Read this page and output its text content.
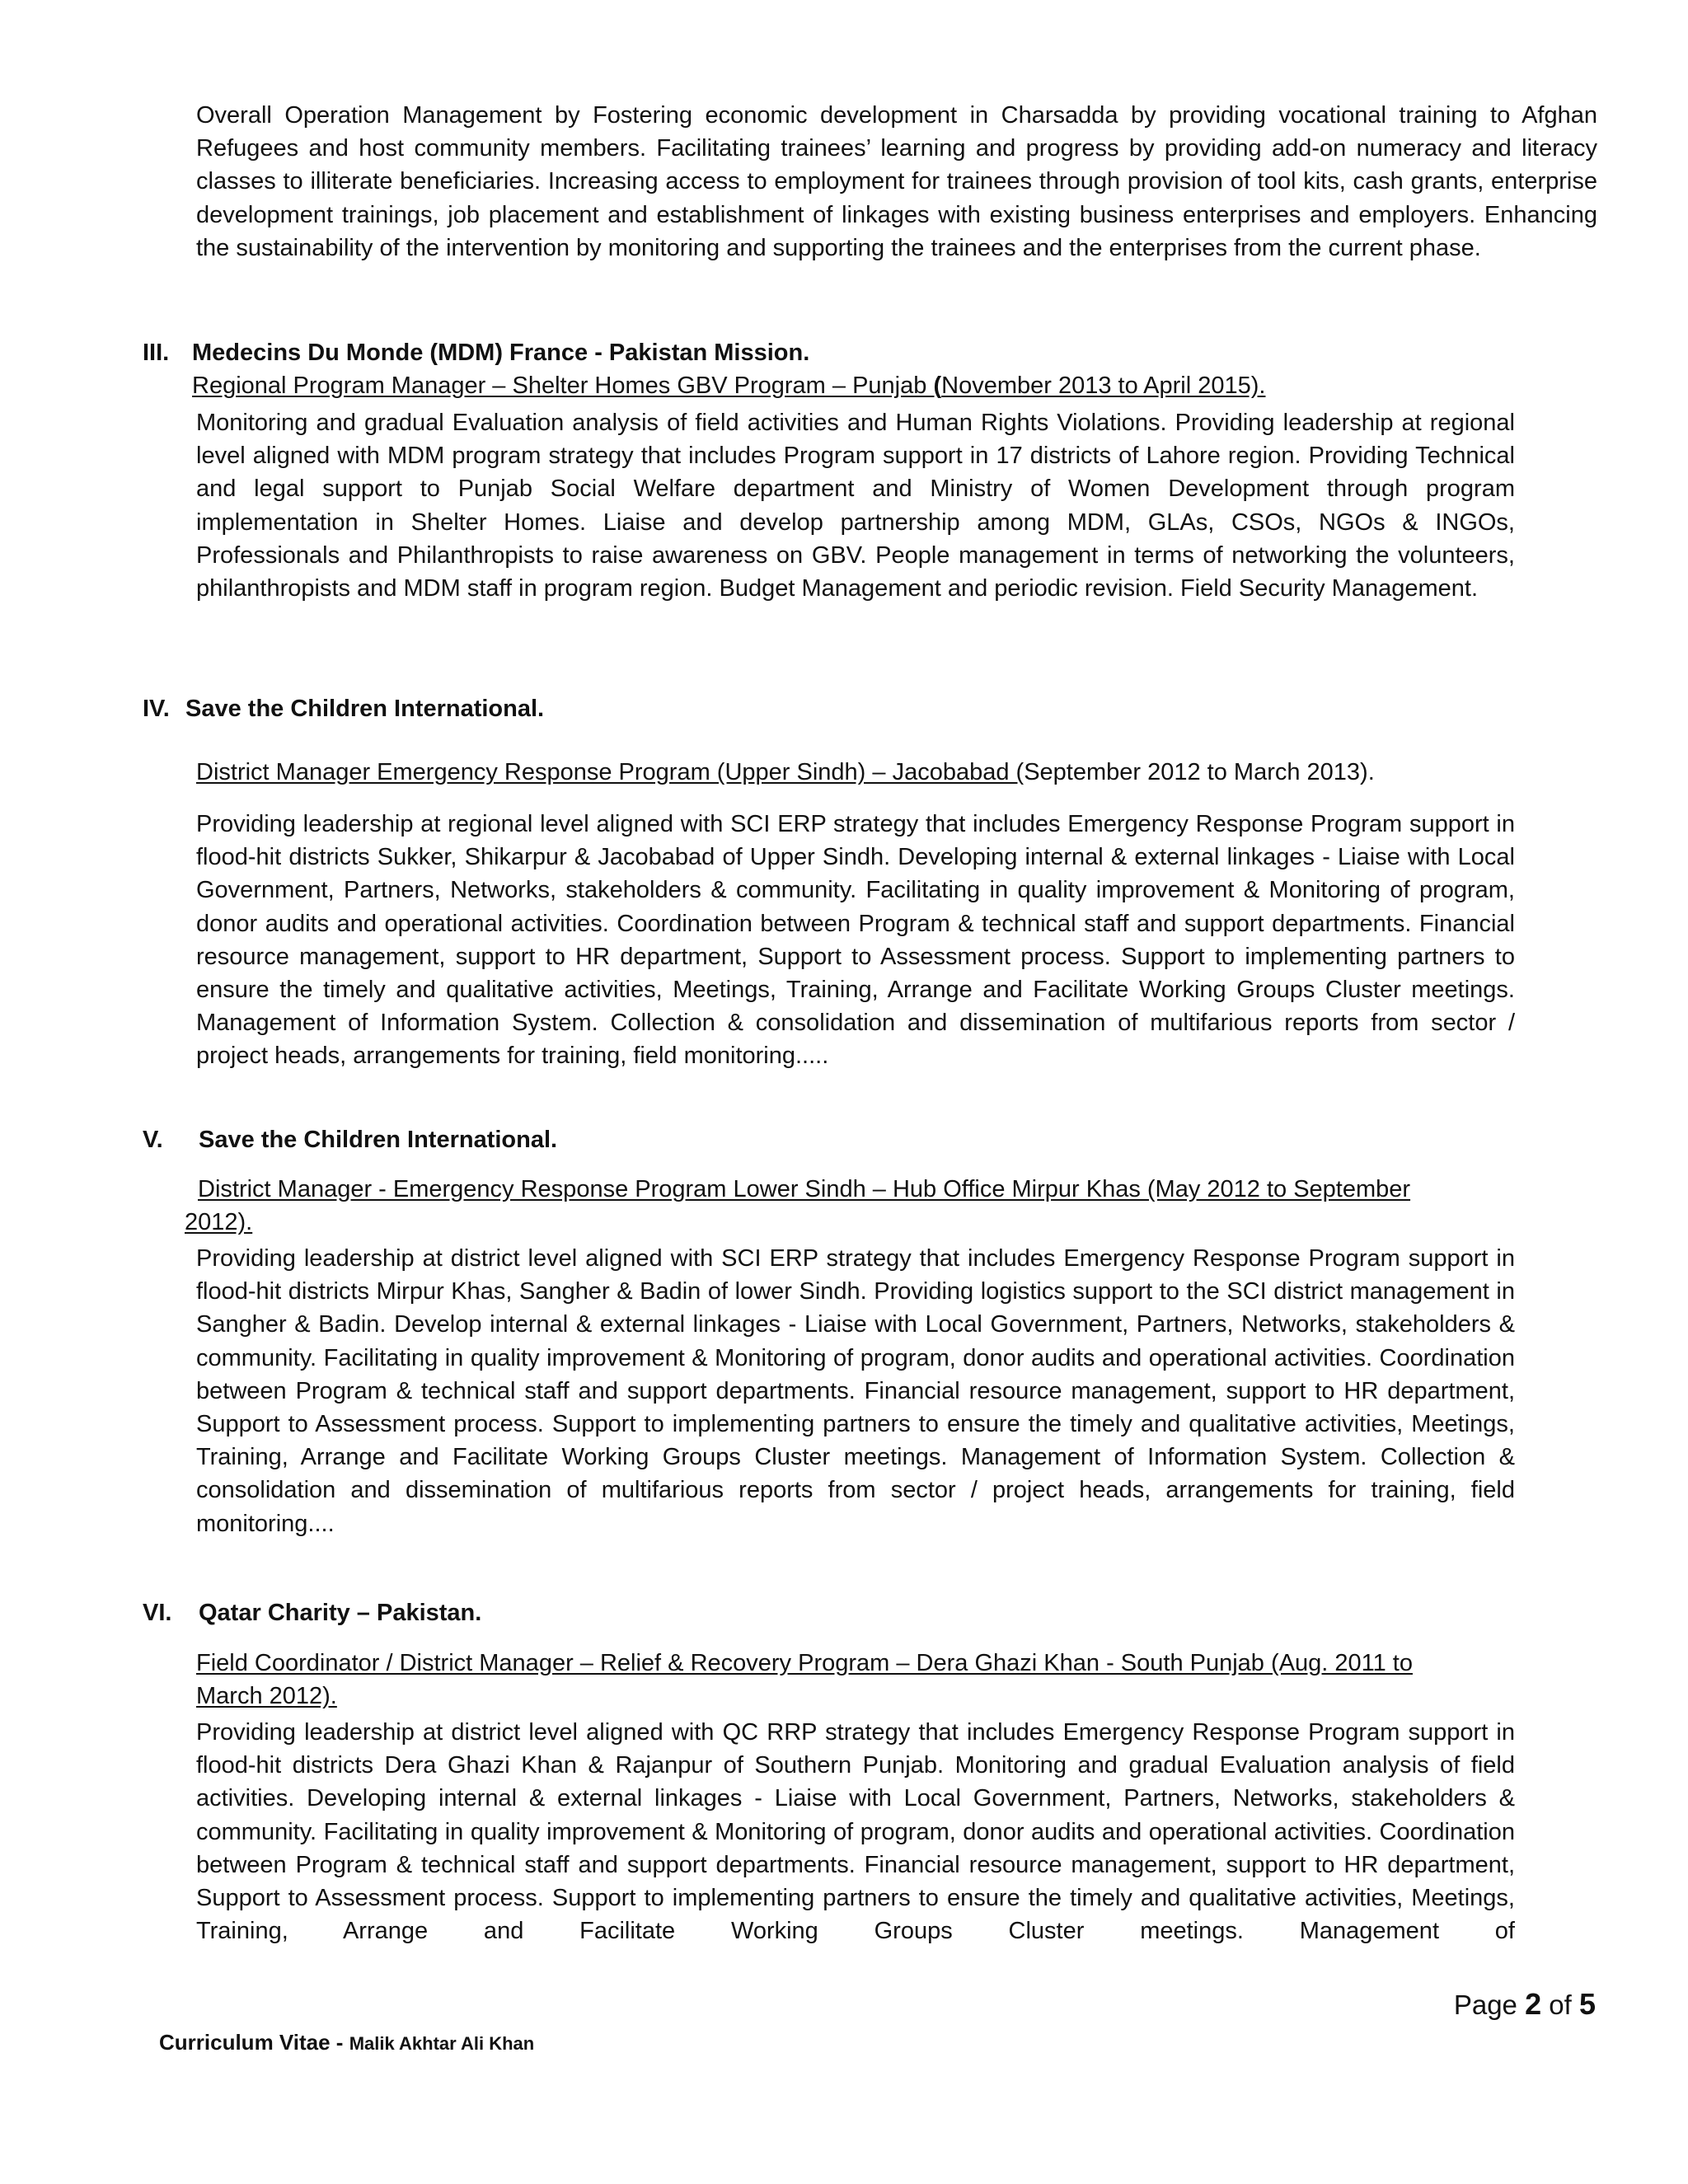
Overall Operation Management by Fostering economic development in Charsadda by providing vocational training to Afghan Refugees and host community members. Facilitating trainees’ learning and progress by providing add-on numeracy and literacy classes to illiterate beneficiaries. Increasing access to employment for trainees through provision of tool kits, cash grants, enterprise development trainings, job placement and establishment of linkages with existing business enterprises and employers. Enhancing the sustainability of the intervention by monitoring and supporting the trainees and the enterprises from the current phase.

III. Medecins Du Monde (MDM) France - Pakistan Mission.
Regional Program Manager – Shelter Homes GBV Program – Punjab (November 2013 to April 2015).

Monitoring and gradual Evaluation analysis of field activities and Human Rights Violations. Providing leadership at regional level aligned with MDM program strategy that includes Program support in 17 districts of Lahore region. Providing Technical and legal support to Punjab Social Welfare department and Ministry of Women Development through program implementation in Shelter Homes. Liaise and develop partnership among MDM, GLAs, CSOs, NGOs & INGOs, Professionals and Philanthropists to raise awareness on GBV. People management in terms of networking the volunteers, philanthropists and MDM staff in program region. Budget Management and periodic revision. Field Security Management.

IV. Save the Children International.
District Manager Emergency Response Program (Upper Sindh) – Jacobabad (September 2012 to March 2013).

Providing leadership at regional level aligned with SCI ERP strategy that includes Emergency Response Program support in flood-hit districts Sukker, Shikarpur & Jacobabad of Upper Sindh. Developing internal & external linkages - Liaise with Local Government, Partners, Networks, stakeholders & community. Facilitating in quality improvement & Monitoring of program, donor audits and operational activities. Coordination between Program & technical staff and support departments. Financial resource management, support to HR department, Support to Assessment process. Support to implementing partners to ensure the timely and qualitative activities, Meetings, Training, Arrange and Facilitate Working Groups Cluster meetings. Management of Information System. Collection & consolidation and dissemination of multifarious reports from sector / project heads, arrangements for training, field monitoring.....

V. Save the Children International.
District Manager - Emergency Response Program Lower Sindh – Hub Office Mirpur Khas (May 2012 to September
2012).

Providing leadership at district level aligned with SCI ERP strategy that includes Emergency Response Program support in flood-hit districts Mirpur Khas, Sangher & Badin of lower Sindh. Providing logistics support to the SCI district management in Sangher & Badin. Develop internal & external linkages - Liaise with Local Government, Partners, Networks, stakeholders & community. Facilitating in quality improvement & Monitoring of program, donor audits and operational activities. Coordination between Program & technical staff and support departments. Financial resource management, support to HR department, Support to Assessment process. Support to implementing partners to ensure the timely and qualitative activities, Meetings, Training, Arrange and Facilitate Working Groups Cluster meetings. Management of Information System. Collection & consolidation and dissemination of multifarious reports from sector / project heads, arrangements for training, field monitoring....

VI. Qatar Charity – Pakistan.
Field Coordinator / District Manager – Relief & Recovery Program – Dera Ghazi Khan - South Punjab (Aug. 2011 to
March 2012).

Providing leadership at district level aligned with QC RRP strategy that includes Emergency Response Program support in flood-hit districts Dera Ghazi Khan & Rajanpur of Southern Punjab. Monitoring and gradual Evaluation analysis of field activities. Developing internal & external linkages - Liaise with Local Government, Partners, Networks, stakeholders & community. Facilitating in quality improvement & Monitoring of program, donor audits and operational activities. Coordination between Program & technical staff and support departments. Financial resource management, support to HR department, Support to Assessment process. Support to implementing partners to ensure the timely and qualitative activities, Meetings, Training, Arrange and Facilitate Working Groups Cluster meetings. Management of

Page 2 of 5
Curriculum Vitae - Malik Akhtar Ali Khan
